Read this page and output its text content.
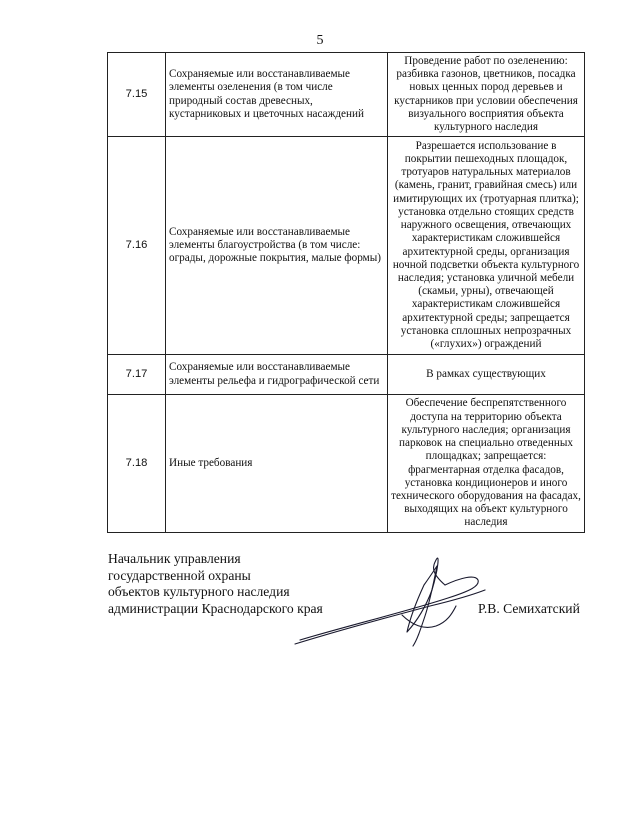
5
7.15	Сохраняемые или восстанавливаемые элементы озеленения (в том числе природный состав древесных, кустарниковых и цветочных насаждений	Проведение работ по озеленению: разбивка газонов, цветников, посадка новых ценных пород деревьев и кустарников при условии обеспечения визуального восприятия объекта культурного наследия
7.16	Сохраняемые или восстанавливаемые элементы благоустройства (в том числе: ограды, дорожные покрытия, малые формы)	Разрешается использование в покрытии пешеходных площадок, тротуаров натуральных материалов (камень, гранит, гравийная смесь) или имитирующих их (тротуарная плитка); установка отдельно стоящих средств наружного освещения, отвечающих характеристикам сложившейся архитектурной среды, организация ночной подсветки объекта культурного наследия; установка уличной мебели (скамьи, урны), отвечающей характеристикам сложившейся архитектурной среды; запрещается установка сплошных непрозрачных («глухих») ограждений
7.17	Сохраняемые или восстанавливаемые элементы рельефа и гидрографической сети	В рамках существующих
7.18	Иные требования	Обеспечение беспрепятственного доступа на территорию объекта культурного наследия; организация парковок на специально отведенных площадках; запрещается: фрагментарная отделка фасадов, установка кондиционеров и иного технического оборудования на фасадах, выходящих на объект культурного наследия
Начальник управления
государственной охраны
объектов культурного наследия
администрации Краснодарского края	Р.В. Семихатский
